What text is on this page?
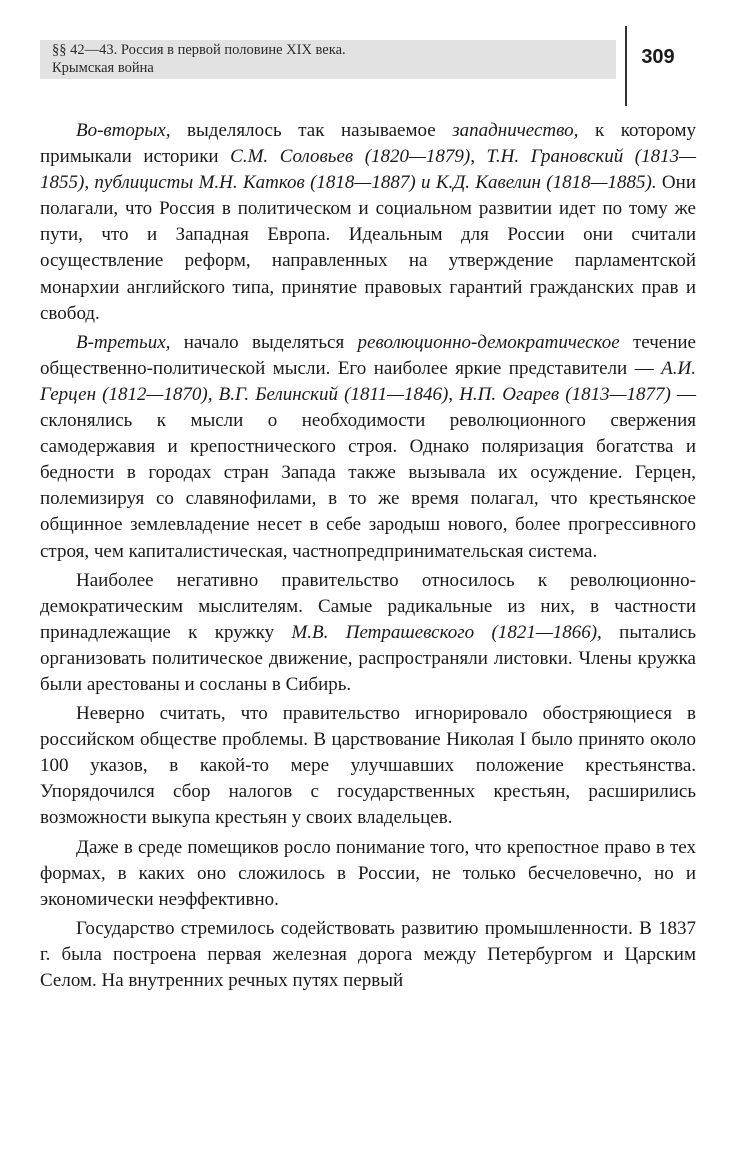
§§ 42—43. Россия в первой половине XIX века.
Крымская война	309

Во-вторых, выделялось так называемое западничество, к которому примыкали историки С.М. Соловьев (1820—1879), Т.Н. Грановский (1813—1855), публицисты М.Н. Катков (1818—1887) и К.Д. Кавелин (1818—1885). Они полагали, что Россия в политическом и социальном развитии идет по тому же пути, что и Западная Европа. Идеальным для России они считали осуществление реформ, направленных на утверждение парламентской монархии английского типа, принятие правовых гарантий гражданских прав и свобод.

В-третьих, начало выделяться революционно-демократическое течение общественно-политической мысли. Его наиболее яркие представители — А.И. Герцен (1812—1870), В.Г. Белинский (1811—1846), Н.П. Огарев (1813—1877) — склонялись к мысли о необходимости революционного свержения самодержавия и крепостнического строя. Однако поляризация богатства и бедности в городах стран Запада также вызывала их осуждение. Герцен, полемизируя со славянофилами, в то же время полагал, что крестьянское общинное землевладение несет в себе зародыш нового, более прогрессивного строя, чем капиталистическая, частнопредпринимательская система.

Наиболее негативно правительство относилось к революционно-демократическим мыслителям. Самые радикальные из них, в частности принадлежащие к кружку М.В. Петрашевского (1821—1866), пытались организовать политическое движение, распространяли листовки. Члены кружка были арестованы и сосланы в Сибирь.

Неверно считать, что правительство игнорировало обостряющиеся в российском обществе проблемы. В царствование Николая I было принято около 100 указов, в какой-то мере улучшавших положение крестьянства. Упорядочился сбор налогов с государственных крестьян, расширились возможности выкупа крестьян у своих владельцев.

Даже в среде помещиков росло понимание того, что крепостное право в тех формах, в каких оно сложилось в России, не только бесчеловечно, но и экономически неэффективно.

Государство стремилось содействовать развитию промышленности. В 1837 г. была построена первая железная дорога между Петербургом и Царским Селом. На внутренних речных путях первый
